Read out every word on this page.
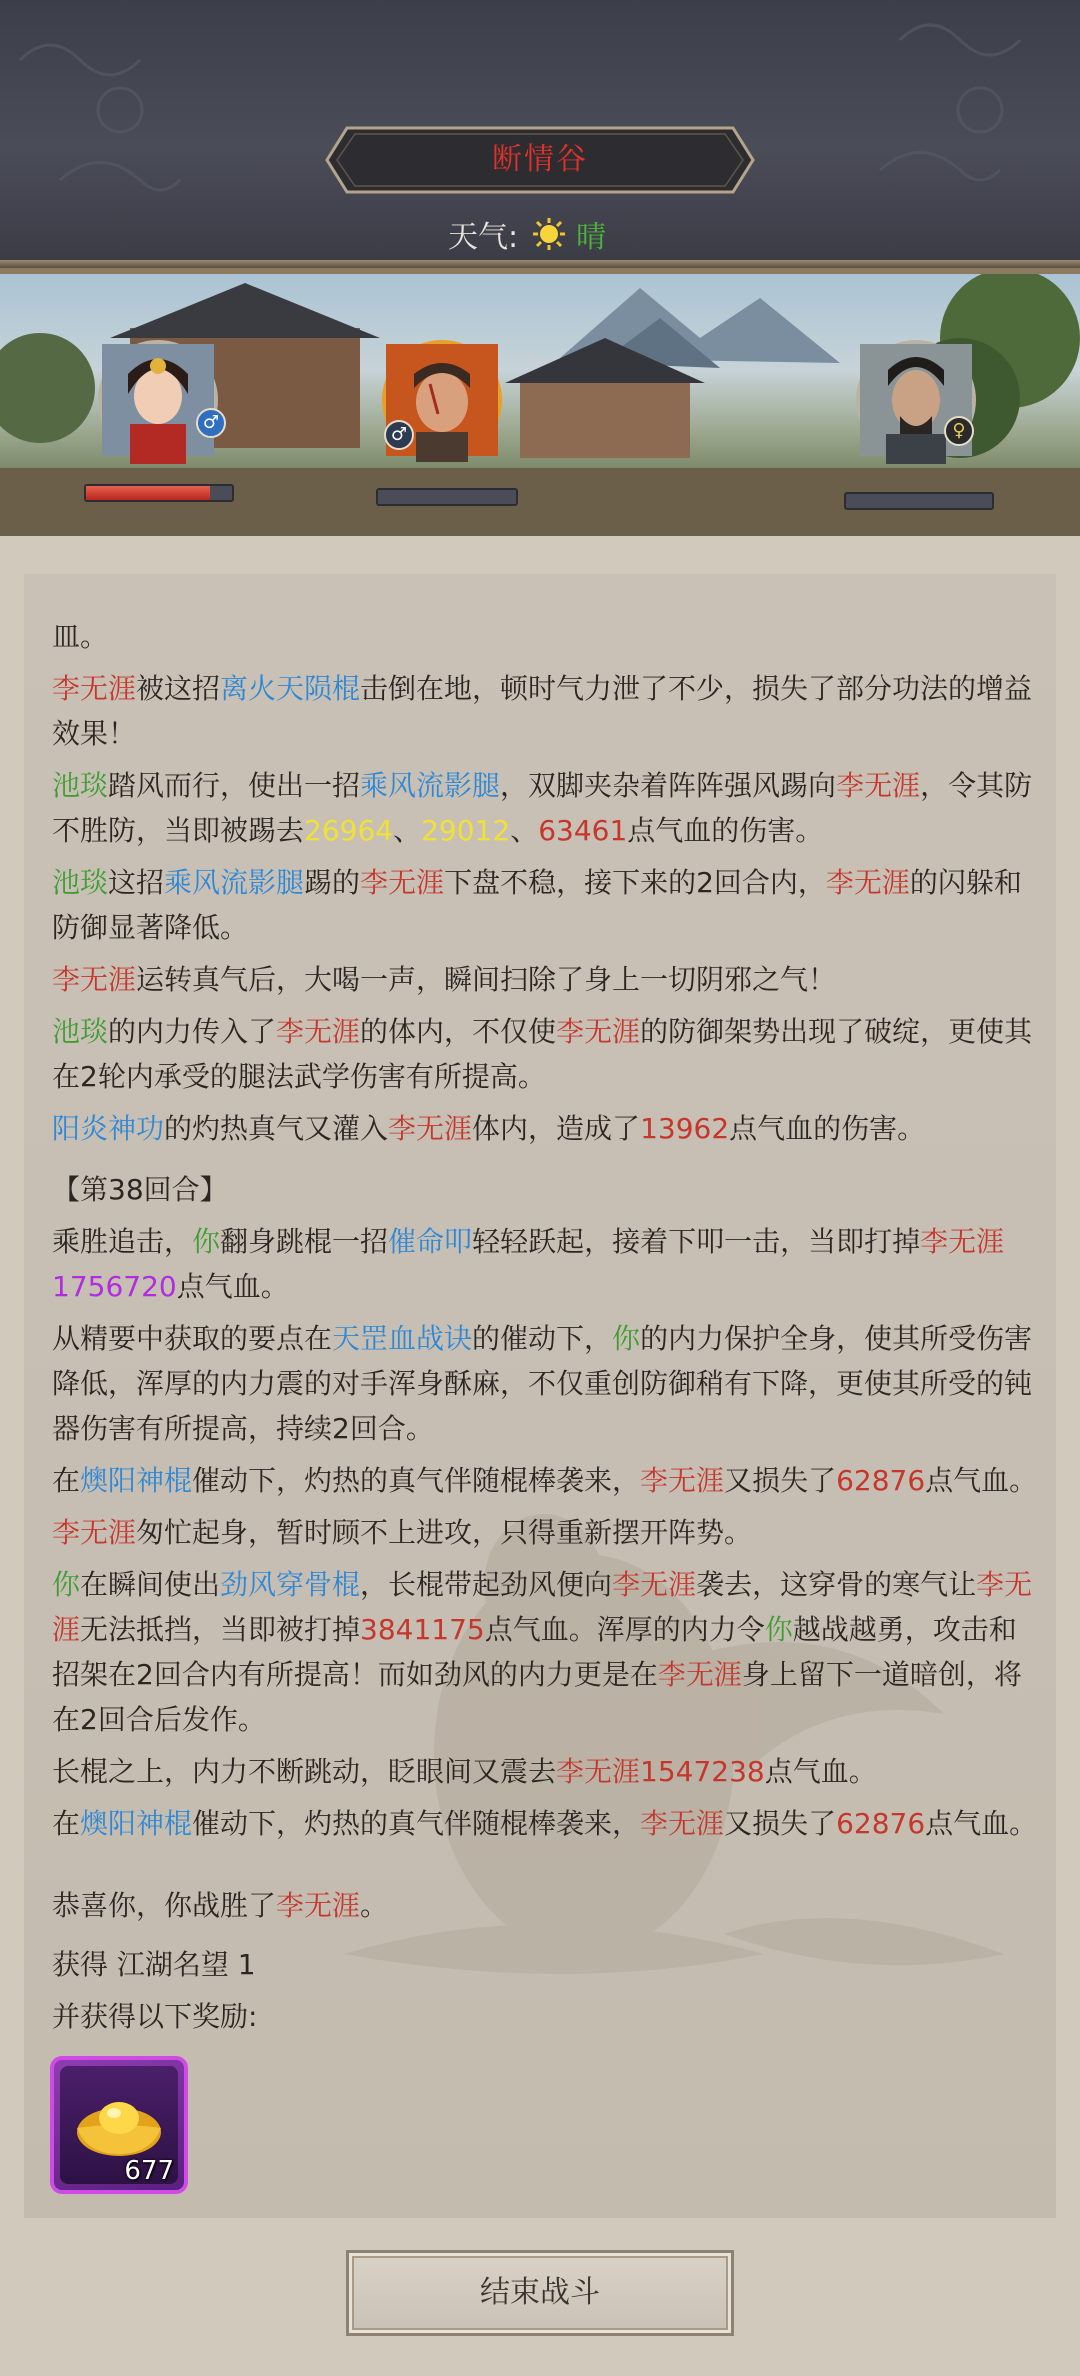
断情谷
天气: 晴
♂
♂	♀

皿。

李无涯被这招离火天陨棍击倒在地，顿时气力泄了不少，损失了部分功法的增益效果！

池琰踏风而行，使出一招乘风流影腿，双脚夹杂着阵阵强风踢向李无涯，令其防不胜防，当即被踢去26964、29012、63461点气血的伤害。

池琰这招乘风流影腿踢的李无涯下盘不稳，接下来的2回合内，李无涯的闪躲和防御显著降低。

李无涯运转真气后，大喝一声，瞬间扫除了身上一切阴邪之气！

池琰的内力传入了李无涯的体内，不仅使李无涯的防御架势出现了破绽，更使其在2轮内承受的腿法武学伤害有所提高。

阳炎神功的灼热真气又灌入李无涯体内，造成了13962点气血的伤害。

【第38回合】

乘胜追击，你翻身跳棍一招催命叩轻轻跃起，接着下叩一击，当即打掉李无涯1756720点气血。

从精要中获取的要点在天罡血战诀的催动下，你的内力保护全身，使其所受伤害降低，浑厚的内力震的对手浑身酥麻，不仅重创防御稍有下降，更使其所受的钝器伤害有所提高，持续2回合。

在燠阳神棍催动下，灼热的真气伴随棍棒袭来，李无涯又损失了62876点气血。

李无涯匆忙起身，暂时顾不上进攻，只得重新摆开阵势。

你在瞬间使出劲风穿骨棍，长棍带起劲风便向李无涯袭去，这穿骨的寒气让李无涯无法抵挡，当即被打掉3841175点气血。浑厚的内力令你越战越勇，攻击和招架在2回合内有所提高！而如劲风的内力更是在李无涯身上留下一道暗创，将在2回合后发作。

长棍之上，内力不断跳动，眨眼间又震去李无涯1547238点气血。

在燠阳神棍催动下，灼热的真气伴随棍棒袭来，李无涯又损失了62876点气血。

恭喜你，你战胜了李无涯。

获得 江湖名望 1

并获得以下奖励:

677
结束战斗
